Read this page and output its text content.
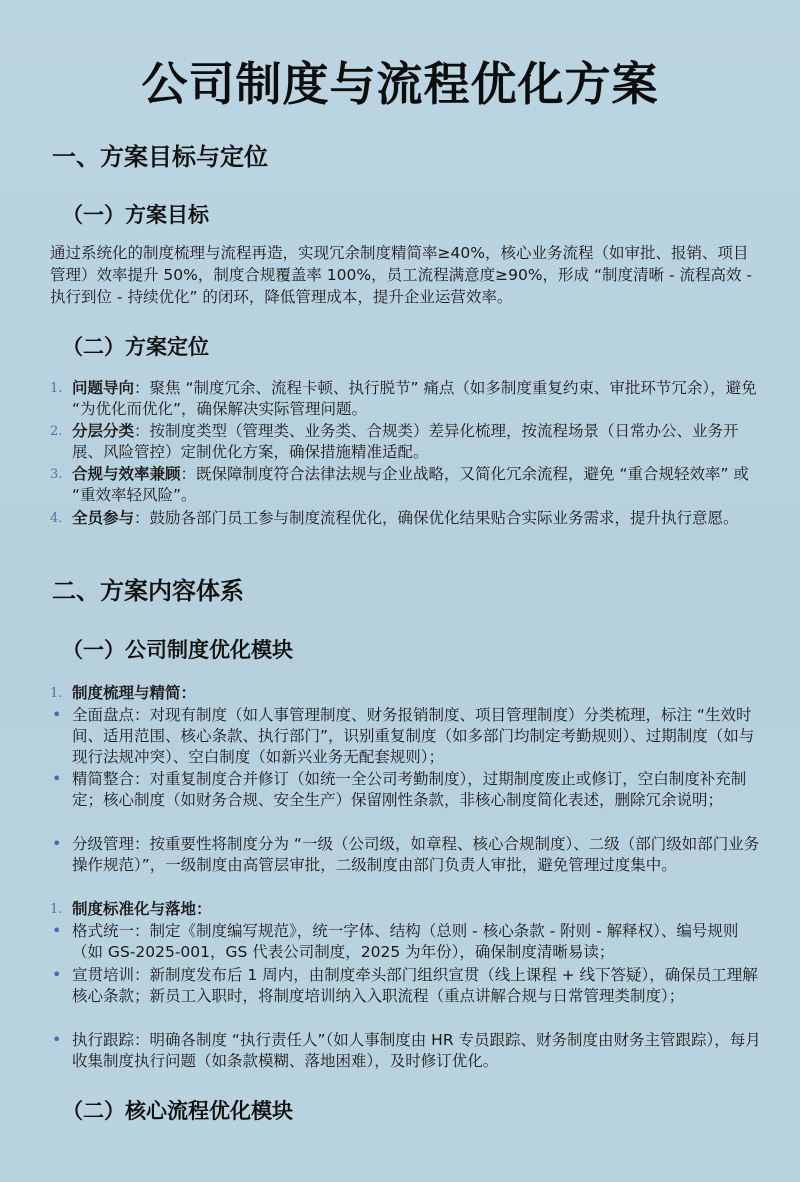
公司制度与流程优化方案
一、方案目标与定位
（一）方案目标
通过系统化的制度梳理与流程再造，实现冗余制度精简率≥40%，核心业务流程（如审批、报销、项目管理）效率提升 50%，制度合规覆盖率 100%，员工流程满意度≥90%，形成 “制度清晰 - 流程高效 - 执行到位 - 持续优化” 的闭环，降低管理成本，提升企业运营效率。
（二）方案定位
1. 问题导向：聚焦 “制度冗余、流程卡顿、执行脱节” 痛点（如多制度重复约束、审批环节冗余），避免 “为优化而优化”，确保解决实际管理问题。
2. 分层分类：按制度类型（管理类、业务类、合规类）差异化梳理，按流程场景（日常办公、业务开展、风险管控）定制优化方案，确保措施精准适配。
3. 合规与效率兼顾：既保障制度符合法律法规与企业战略，又简化冗余流程，避免 “重合规轻效率” 或 “重效率轻风险”。
4. 全员参与：鼓励各部门员工参与制度流程优化，确保优化结果贴合实际业务需求，提升执行意愿。
二、方案内容体系
（一）公司制度优化模块
1. 制度梳理与精简：
• 全面盘点：对现有制度（如人事管理制度、财务报销制度、项目管理制度）分类梳理，标注 “生效时间、适用范围、核心条款、执行部门”，识别重复制度（如多部门均制定考勤规则）、过期制度（如与现行法规冲突）、空白制度（如新兴业务无配套规则）；
• 精简整合：对重复制度合并修订（如统一全公司考勤制度），过期制度废止或修订，空白制度补充制定；核心制度（如财务合规、安全生产）保留刚性条款，非核心制度简化表述，删除冗余说明；
• 分级管理：按重要性将制度分为 “一级（公司级，如章程、核心合规制度）、二级（部门级如部门业务操作规范）”，一级制度由高管层审批，二级制度由部门负责人审批，避免管理过度集中。
1. 制度标准化与落地：
• 格式统一：制定《制度编写规范》，统一字体、结构（总则 - 核心条款 - 附则 - 解释权）、编号规则（如 GS-2025-001，GS 代表公司制度，2025 为年份），确保制度清晰易读；
• 宣贯培训：新制度发布后 1 周内，由制度牵头部门组织宣贯（线上课程 + 线下答疑），确保员工理解核心条款；新员工入职时，将制度培训纳入入职流程（重点讲解合规与日常管理类制度）；
• 执行跟踪：明确各制度 “执行责任人”（如人事制度由 HR 专员跟踪、财务制度由财务主管跟踪），每月收集制度执行问题（如条款模糊、落地困难），及时修订优化。
（二）核心流程优化模块
